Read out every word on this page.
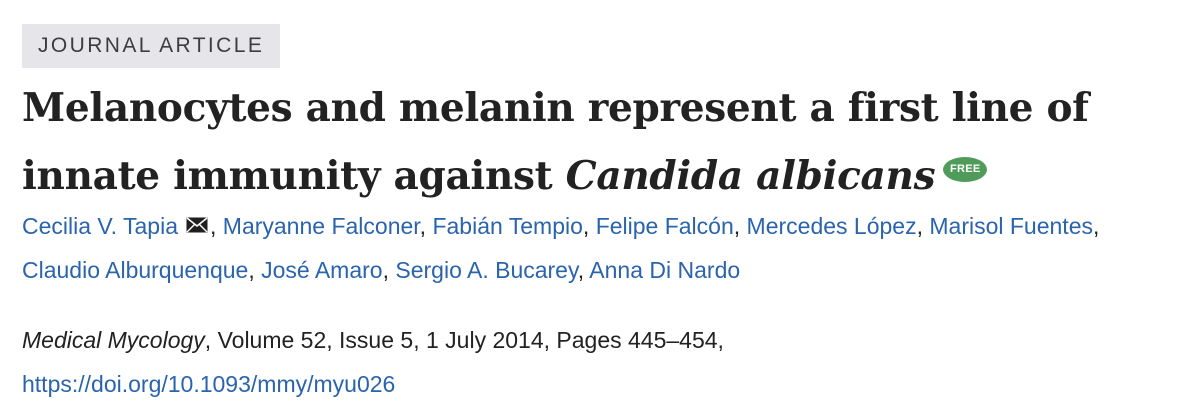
JOURNAL ARTICLE
Melanocytes and melanin represent a first line of innate immunity against Candida albicans FREE
Cecilia V. Tapia , Maryanne Falconer, Fabián Tempio, Felipe Falcón, Mercedes López, Marisol Fuentes, Claudio Alburquenque, José Amaro, Sergio A. Bucarey, Anna Di Nardo
Medical Mycology, Volume 52, Issue 5, 1 July 2014, Pages 445–454,
https://doi.org/10.1093/mmy/myu026
